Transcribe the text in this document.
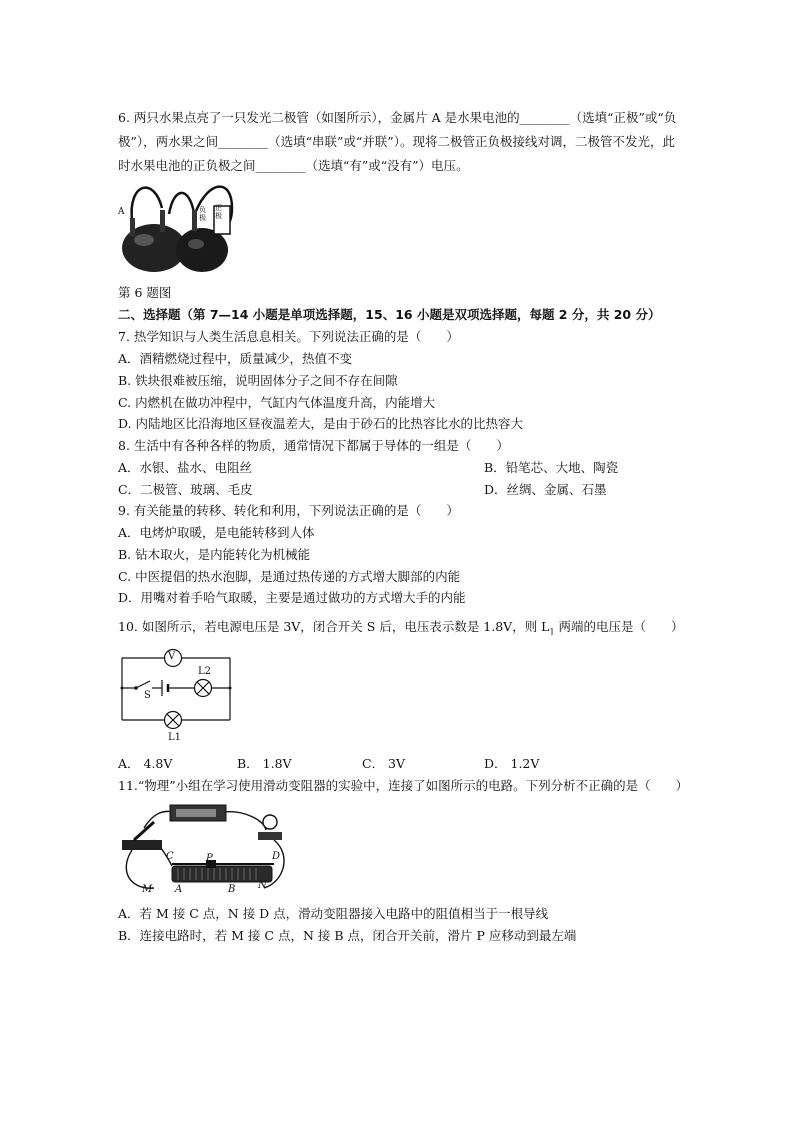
6. 两只水果点亮了一只发光二极管（如图所示），金属片 A 是水果电池的________（选填“正极”或“负
极”），两水果之间________（选填“串联”或“并联”）。现将二极管正负极接线对调，二极管不发光，此
时水果电池的正负极之间________（选填“有”或“没有”）电压。
A	正极
负极
第 6 题图
二、选择题（第 7—14 小题是单项选择题，15、16 小题是双项选择题，每题 2 分，共 20 分）
7. 热学知识与人类生活息息相关。下列说法正确的是（　　）
A．酒精燃烧过程中，质量减少，热值不变
B. 铁块很难被压缩，说明固体分子之间不存在间隙
C. 内燃机在做功冲程中，气缸内气体温度升高，内能增大
D. 内陆地区比沿海地区昼夜温差大，是由于砂石的比热容比水的比热容大
8. 生活中有各种各样的物质，通常情况下都属于导体的一组是（　　）
A．水银、盐水、电阻丝	B．铅笔芯、大地、陶瓷
C．二极管、玻璃、毛皮	D．丝绸、金属、石墨
9. 有关能量的转移、转化和利用，下列说法正确的是（　　）
A．电烤炉取暖，是电能转移到人体
B. 钻木取火，是内能转化为机械能
C. 中医提倡的热水泡脚，是通过热传递的方式增大脚部的内能
D．用嘴对着手哈气取暖，主要是通过做功的方式增大手的内能
10. 如图所示，若电源电压是 3V，闭合开关 S 后，电压表示数是 1.8V，则 $L_1$ 两端的电压是（　　）
V
L2
S
L1
A． 4.8V	B． 1.8V	C． 3V	D． 1.2V
11.“物理”小组在学习使用滑动变阻器的实验中，连接了如图所示的电路。下列分析不正确的是（　　）
C	P	D
A	B
M	N
A．若 M 接 C 点，N 接 D 点，滑动变阻器接入电路中的阻值相当于一根导线
B．连接电路时，若 M 接 C 点，N 接 B 点，闭合开关前，滑片 P 应移动到最左端
